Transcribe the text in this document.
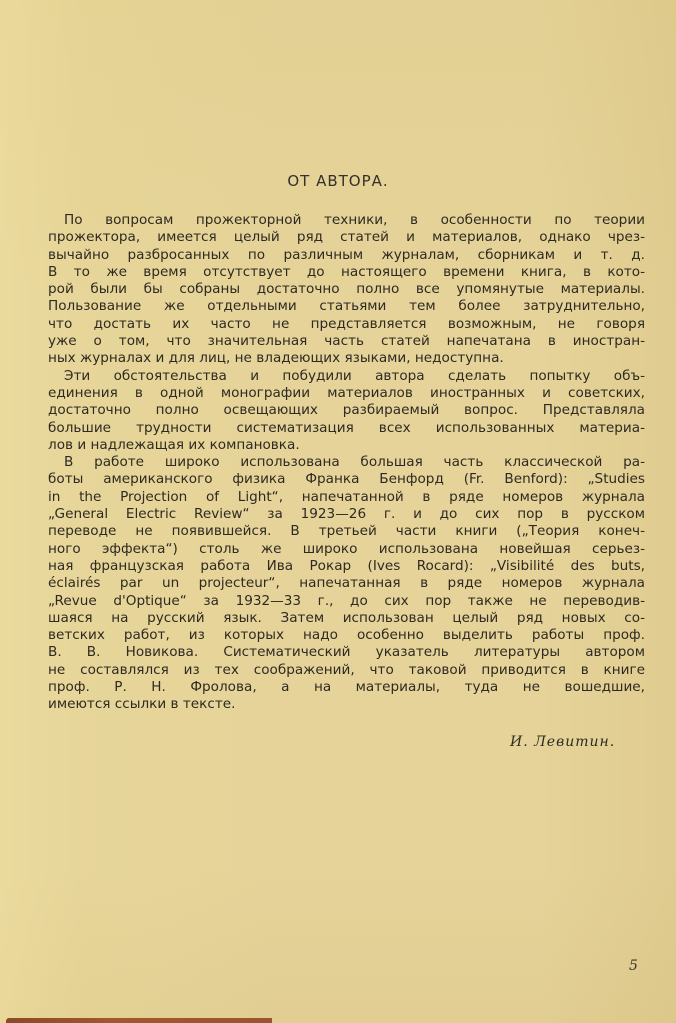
ОТ АВТОРА.
По вопросам прожекторной техники, в особенности по теории
прожектора, имеется целый ряд статей и материалов, однако чрез-
вычайно разбросанных по различным журналам, сборникам и т. д.
В то же время отсутствует до настоящего времени книга, в кото-
рой были бы собраны достаточно полно все упомянутые материалы.
Пользование же отдельными статьями тем более затруднительно,
что достать их часто не представляется возможным, не говоря
уже о том, что значительная часть статей напечатана в иностран-
ных журналах и для лиц, не владеющих языками, недоступна.
Эти обстоятельства и побудили автора сделать попытку объ-
единения в одной монографии материалов иностранных и советских,
достаточно полно освещающих разбираемый вопрос. Представляла
большие трудности систематизация всех использованных материа-
лов и надлежащая их компановка.
В работе широко использована большая часть классической ра-
боты американского физика Франка Бенфорд (Fr. Benford): „Studies
in the Projection of Light“, напечатанной в ряде номеров журнала
„General Electric Review“ за 1923—26 г. и до сих пор в русском
переводе не появившейся. В третьей части книги („Теория конеч-
ного эффекта“) столь же широко использована новейшая серьез-
ная французская работа Ива Рокар (Ives Rocard): „Visibilité des buts,
éclairés par un projecteur“, напечатанная в ряде номеров журнала
„Revue d'Optique“ за 1932—33 г., до сих пор также не переводив-
шаяся на русский язык. Затем использован целый ряд новых со-
ветских работ, из которых надо особенно выделить работы проф.
В. В. Новикова. Систематический указатель литературы автором
не составлялся из тех соображений, что таковой приводится в книге
проф. Р. Н. Фролова, а на материалы, туда не вошедшие,
имеются ссылки в тексте.
И. Левитин.
5
